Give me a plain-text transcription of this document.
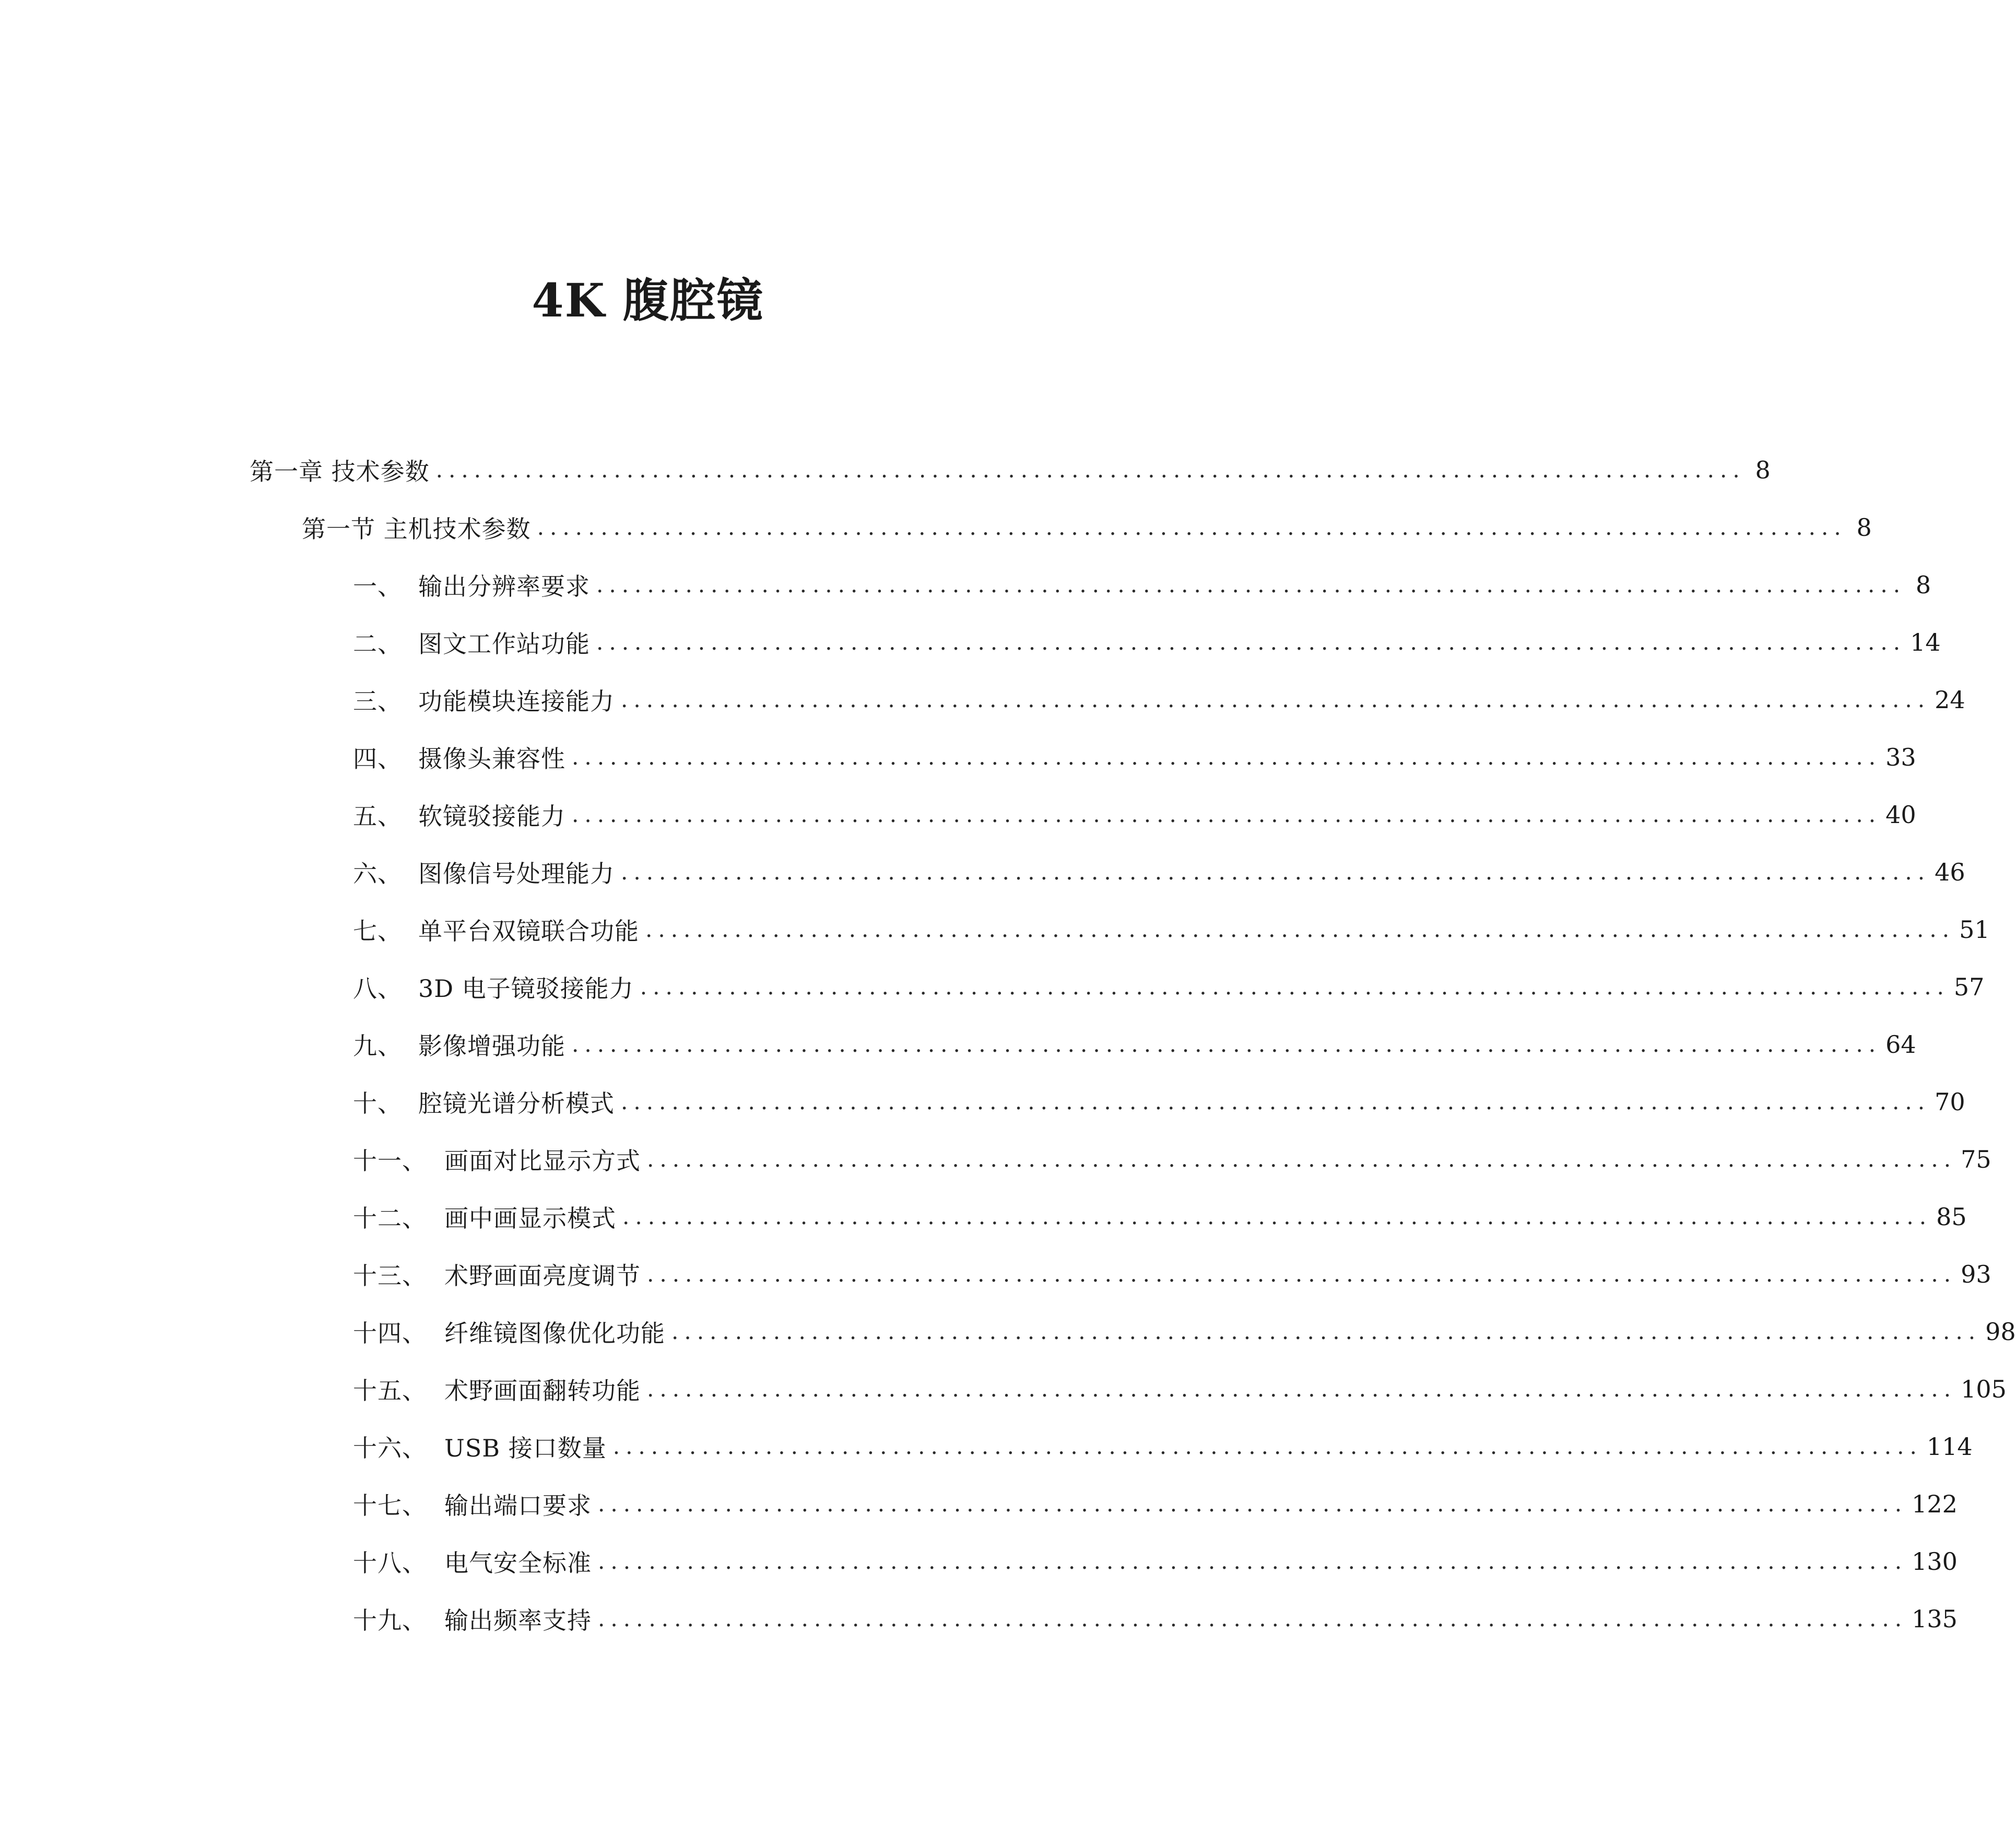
4K 腹腔镜
第一章 技术参数 ....................................................................................................... 8
第一节 主机技术参数 ....................................................................................................... 8
一、 输出分辨率要求 ....................................................................................................... 8
二、 图文工作站功能 ....................................................................................................... 14
三、 功能模块连接能力 ....................................................................................................... 24
四、 摄像头兼容性 ....................................................................................................... 33
五、 软镜驳接能力 ....................................................................................................... 40
六、 图像信号处理能力 ....................................................................................................... 46
七、 单平台双镜联合功能 ....................................................................................................... 51
八、 3D 电子镜驳接能力 ....................................................................................................... 57
九、 影像增强功能 ....................................................................................................... 64
十、 腔镜光谱分析模式 ....................................................................................................... 70
十一、 画面对比显示方式 ....................................................................................................... 75
十二、 画中画显示模式 ....................................................................................................... 85
十三、 术野画面亮度调节 ....................................................................................................... 93
十四、 纤维镜图像优化功能 ....................................................................................................... 98
十五、 术野画面翻转功能 ....................................................................................................... 105
十六、 USB 接口数量 ....................................................................................................... 114
十七、 输出端口要求 ....................................................................................................... 122
十八、 电气安全标准 ....................................................................................................... 130
十九、 输出频率支持 ....................................................................................................... 135
